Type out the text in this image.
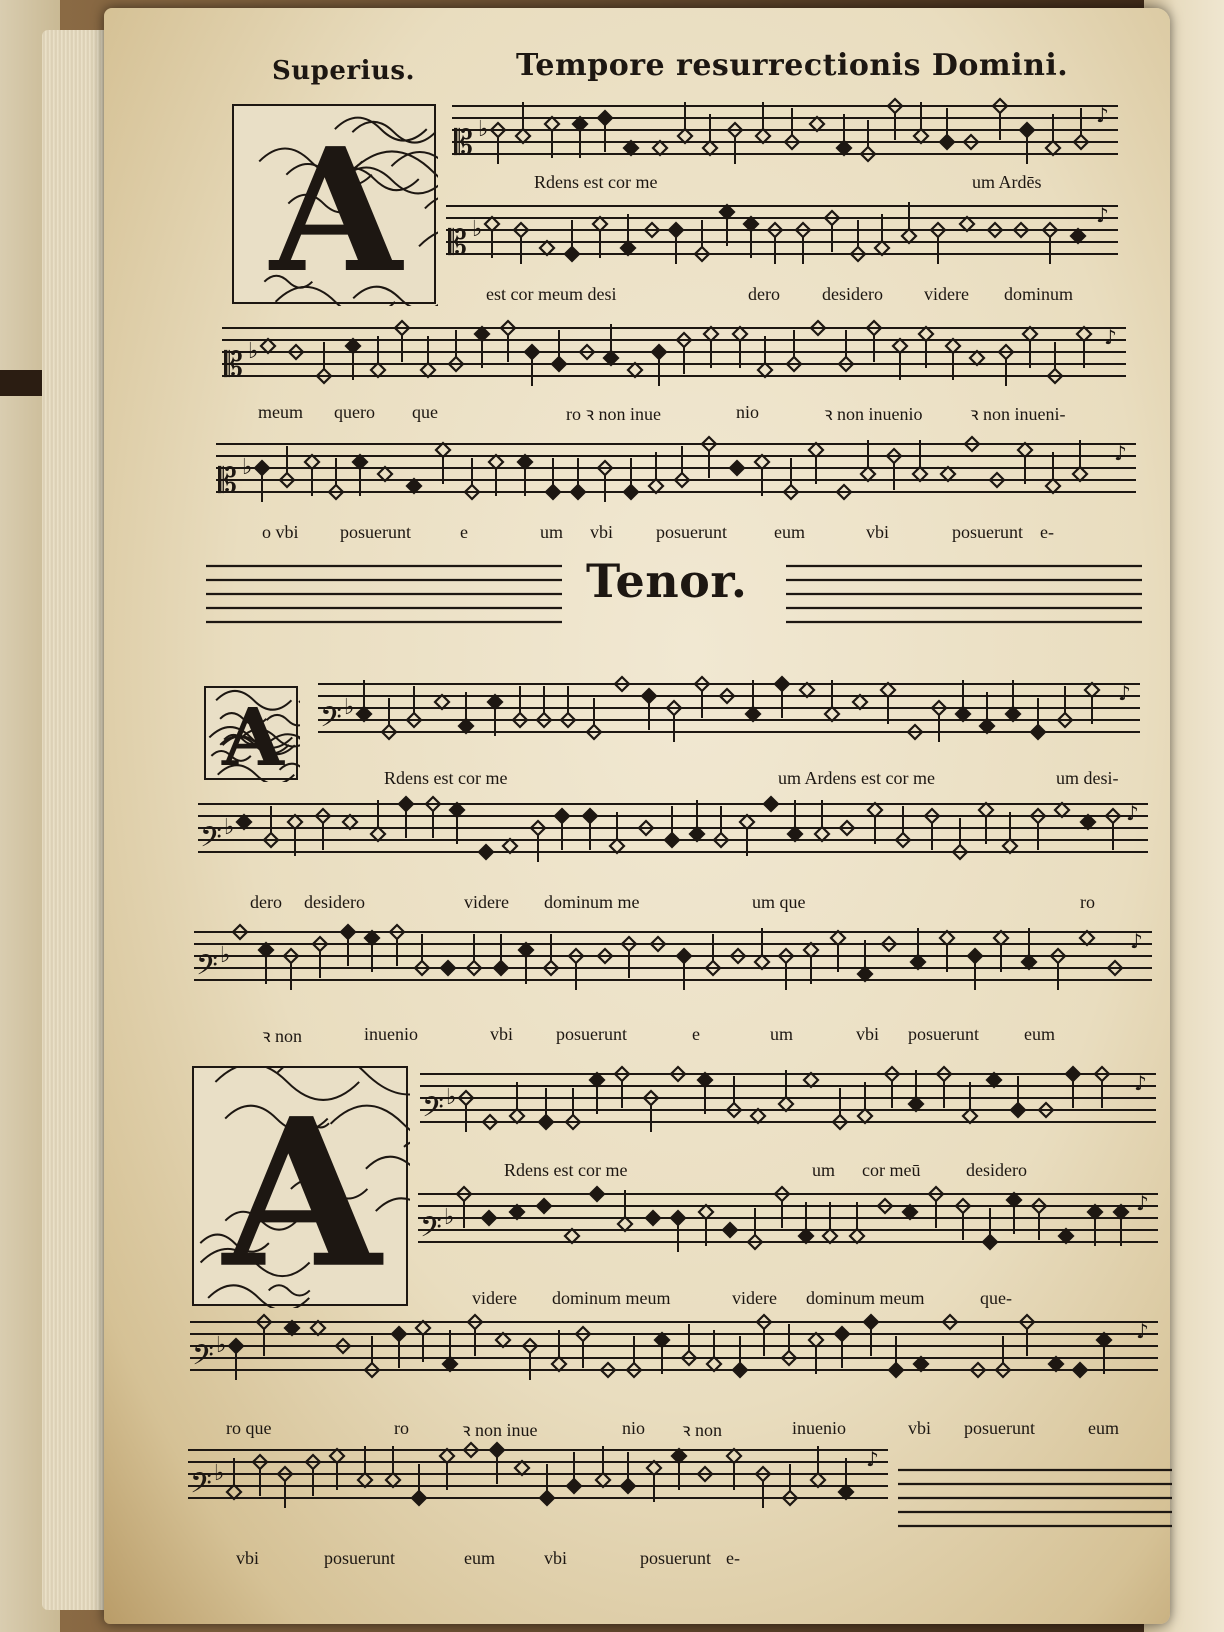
Superius.	Tempore resurrectionis Domini.
Tenor.
A
A
A
𝄡 ♭
♪
𝄡 ♭
♪
𝄡 ♭
♪
𝄡 ♭
♪
𝄢 ♭
♪
𝄢 ♭
♪
𝄢 ♭
♪
𝄢 ♭
♪
𝄢 ♭
♪
𝄢 ♭
♪
𝄢 ♭
♪
Rdens est cor me	um Ardēs
est cor meum desi	dero desidero videre dominum
meum quero que	ro ꝛ non inue	nio	ꝛ non inuenio	ꝛ non inueni-
o vbi posuerunt	e	um vbi posuerunt	eum	vbi	posuerunt e-
Rdens est cor me	um Ardens est cor me	um desi-
dero desidero	videre dominum me	um que	ro
ꝛ non	inuenio	vbi posuerunt	e	um	vbi posuerunt	eum
Rdens est cor me	um cor meū	desidero
videre dominum meum	videre dominum meum	que-
ro que	ro	ꝛ non inue	nio ꝛ non	inuenio	vbi posuerunt	eum
vbi	posuerunt	eum	vbi	posuerunt e-
